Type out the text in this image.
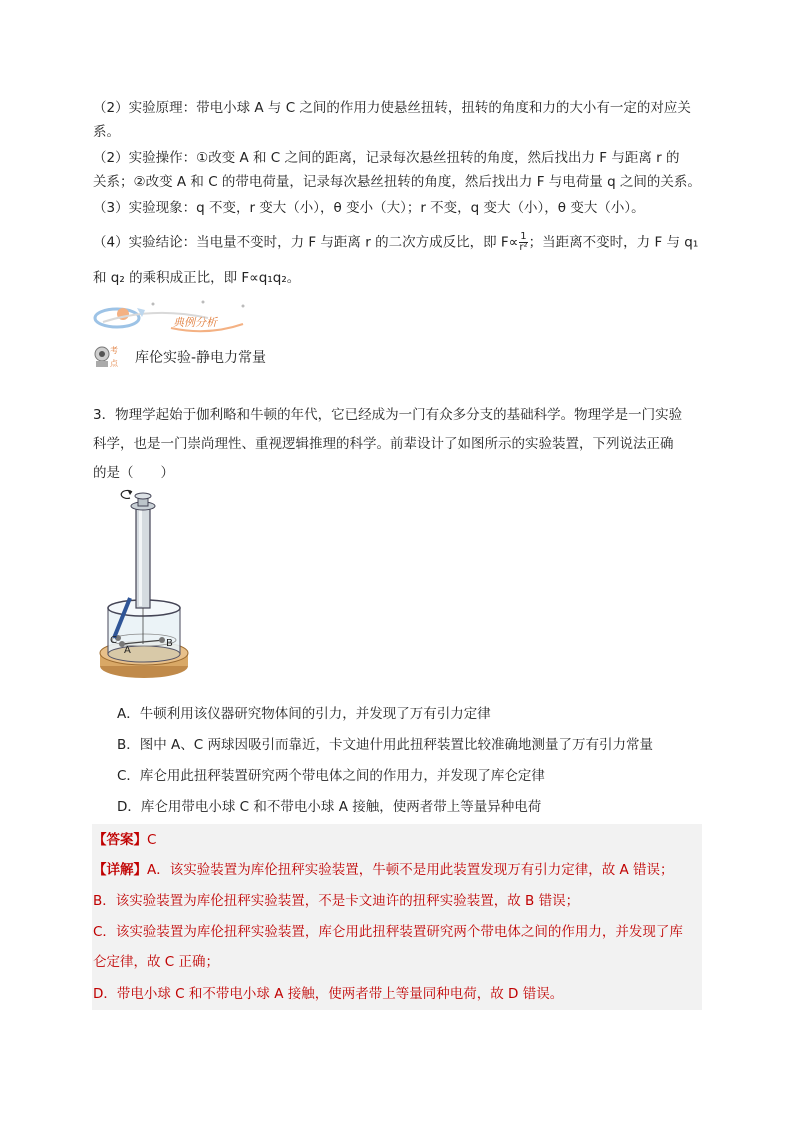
（2）实验原理：带电小球 A 与 C 之间的作用力使悬丝扭转，扭转的角度和力的大小有一定的对应关
系。
（2）实验操作：①改变 A 和 C 之间的距离，记录每次悬丝扭转的角度，然后找出力 F 与距离 r 的
关系；②改变 A 和 C 的带电荷量，记录每次悬丝扭转的角度，然后找出力 F 与电荷量 q 之间的关系。
（3）实验现象：q 不变，r 变大（小），θ 变小（大）；r 不变，q 变大（小），θ 变大（小）。
（4）实验结论：当电量不变时，力 F 与距离 r 的二次方成反比，即 $F\propto \frac{1}{\text{r²}}$ ；当距离不变时，力 F 与 q₁
和 q₂ 的乘积成正比，即 F∝q₁q₂。
典例分析
考
点 库伦实验-静电力常量
3．物理学起始于伽利略和牛顿的年代，它已经成为一门有众多分支的基础科学。物理学是一门实验
科学，也是一门崇尚理性、重视逻辑推理的科学。前辈设计了如图所示的实验装置，下列说法正确
的是（　　）
C
A
B
A．牛顿利用该仪器研究物体间的引力，并发现了万有引力定律
B．图中 A、C 两球因吸引而靠近，卡文迪什用此扭秤装置比较准确地测量了万有引力常量
C．库仑用此扭秤装置研究两个带电体之间的作用力，并发现了库仑定律
D．库仑用带电小球 C 和不带电小球 A 接触，使两者带上等量异种电荷
【答案】C
【详解】A．该实验装置为库伦扭秤实验装置，牛顿不是用此装置发现万有引力定律，故 A 错误；
B．该实验装置为库伦扭秤实验装置，不是卡文迪许的扭秤实验装置，故 B 错误；
C．该实验装置为库伦扭秤实验装置，库仑用此扭秤装置研究两个带电体之间的作用力，并发现了库
仑定律，故 C 正确；
D．带电小球 C 和不带电小球 A 接触，使两者带上等量同种电荷，故 D 错误。
